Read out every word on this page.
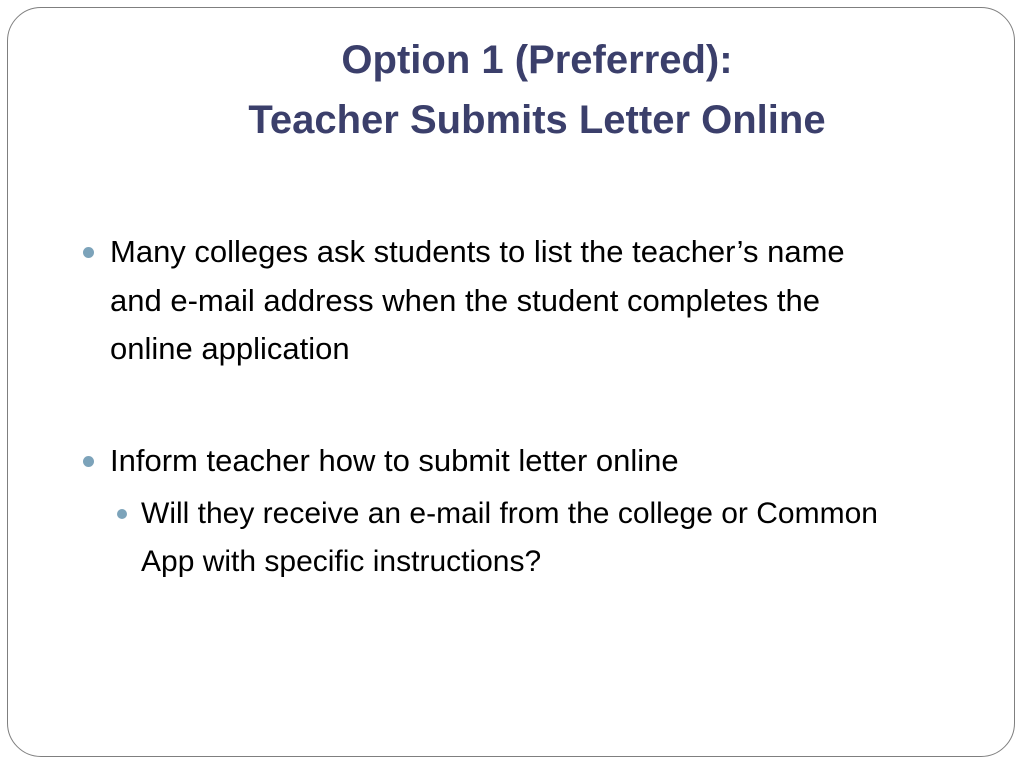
Option 1 (Preferred):
Teacher Submits Letter Online
Many colleges ask students to list the teacher’s name and e-mail address when the student completes the online application
Inform teacher how to submit letter online
Will they receive an e-mail from the college or Common App with specific instructions?
